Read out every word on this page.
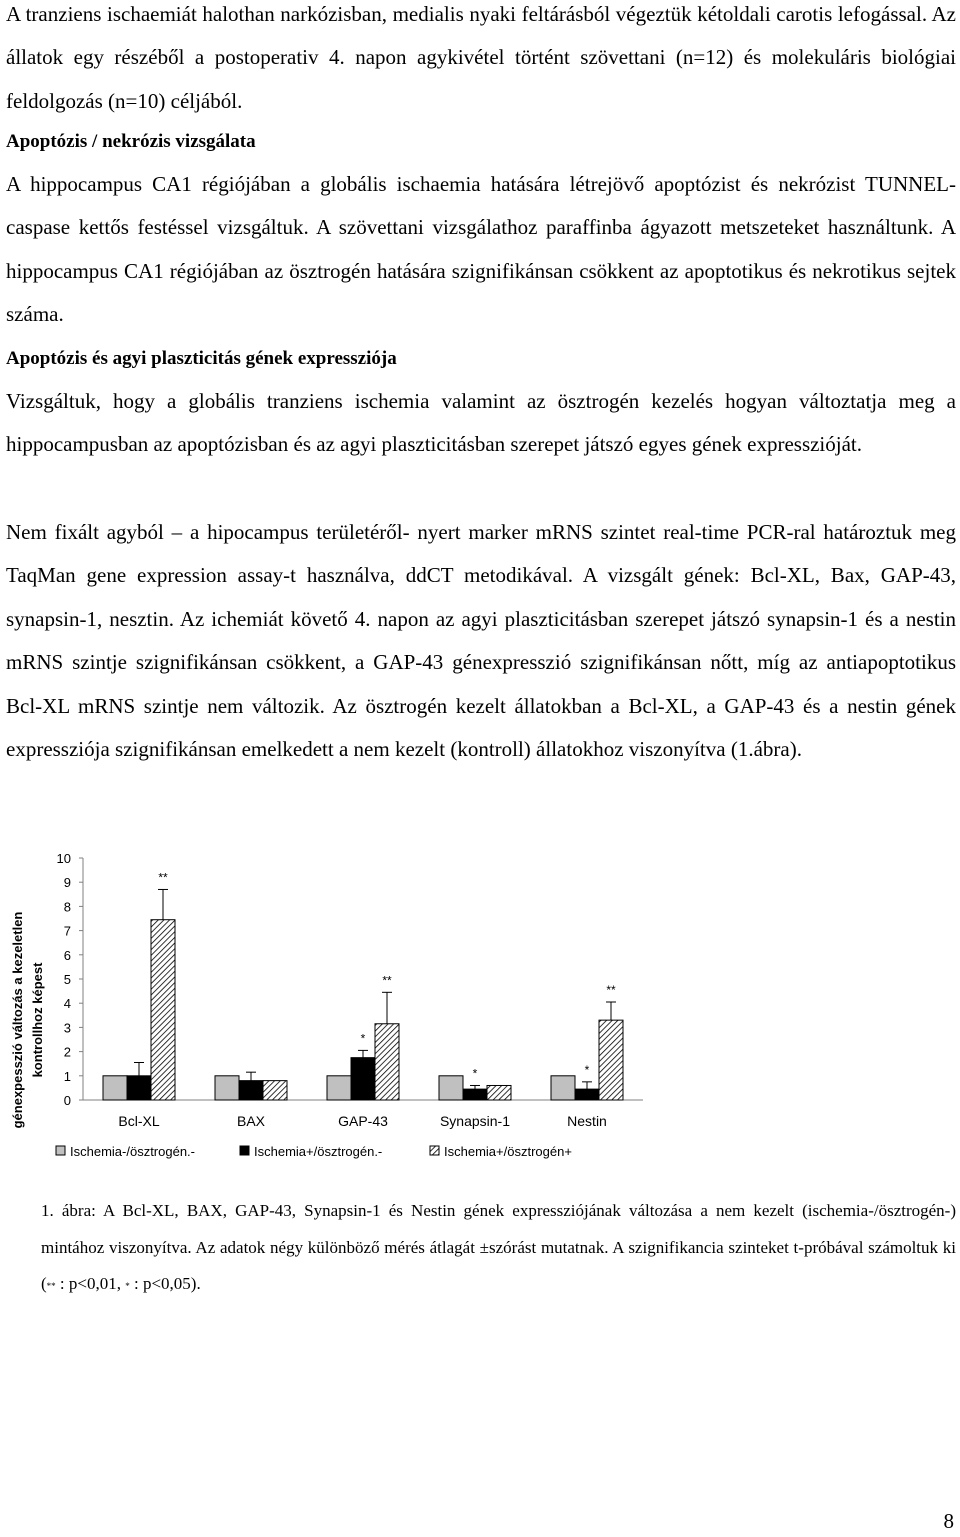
A tranziens ischaemiát halothan narkózisban, medialis nyaki feltárásból végeztük kétoldali carotis lefogással. Az állatok egy részéből a postoperativ 4. napon agykivétel történt szövettani (n=12) és molekuláris biológiai feldolgozás (n=10) céljából.

Apoptózis / nekrózis vizsgálata

A hippocampus CA1 régiójában a globális ischaemia hatására létrejövő apoptózist és nekrózist TUNNEL-caspase kettős festéssel vizsgáltuk. A szövettani vizsgálathoz paraffinba ágyazott metszeteket használtunk. A hippocampus CA1 régiójában az ösztrogén hatására szignifikánsan csökkent az apoptotikus és nekrotikus sejtek száma.

Apoptózis és agyi plaszticitás gének expressziója

Vizsgáltuk, hogy a globális tranziens ischemia valamint az ösztrogén kezelés hogyan változtatja meg a hippocampusban az apoptózisban és az agyi plaszticitásban szerepet játszó egyes gének expresszióját.

Nem fixált agyból – a hipocampus területéről- nyert marker mRNS szintet real-time PCR-ral határoztuk meg TaqMan gene expression assay-t használva, ddCT metodikával. A vizsgált gének: Bcl-XL, Bax, GAP-43, synapsin-1, nesztin. Az ichemiát követő 4. napon az agyi plaszticitásban szerepet játszó synapsin-1 és a nestin mRNS szintje szignifikánsan csökkent, a GAP-43 génexpresszió szignifikánsan nőtt, míg az antiapoptotikus Bcl-XL mRNS szintje nem változik. Az ösztrogén kezelt állatokban a Bcl-XL, a GAP-43 és a nestin gének expressziója szignifikánsan emelkedett a nem kezelt (kontroll) állatokhoz viszonyítva (1.ábra).

0
1
2
3
4
5
6
7
8
9
10
génexpesszió változás a kezeletlen kontrollhoz képest
**
Bcl-XL	BAX
*
**
GAP-43
*
Synapsin-1
*
**
Nestin
Ischemia-/ösztrogén.-	Ischemia+/ösztrogén.-	Ischemia+/ösztrogén+

1. ábra: A Bcl-XL, BAX, GAP-43, Synapsin-1 és Nestin gének expressziójának változása a nem kezelt (ischemia-/ösztrogén-) mintához viszonyítva. Az adatok négy különböző mérés átlagát ±szórást mutatnak. A szignifikancia szinteket t-próbával számoltuk ki (** : p<0,01, * : p<0,05).

8
